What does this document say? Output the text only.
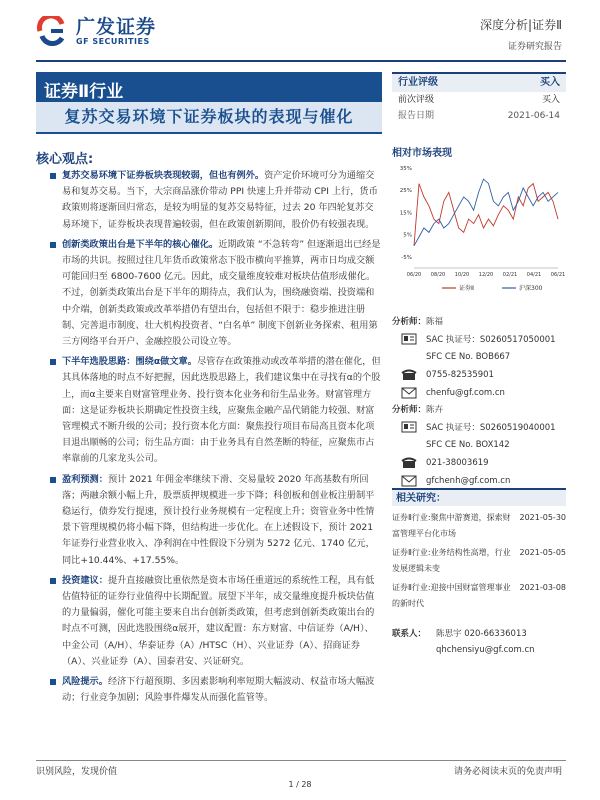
广发证券
GF SECURITIES
深度分析|证券Ⅱ
证券研究报告
证券Ⅱ行业
复苏交易环境下证券板块的表现与催化
行业评级	买入
前次评级	买入
报告日期	2021-06-14
核心观点:
复苏交易环境下证券板块表现较弱，但也有例外。资产定价环境可分为通缩交易和复苏交易。当下，大宗商品涨价带动 PPI 快速上升并带动 CPI 上行，货币政策则将逐渐回归常态，是较为明显的复苏交易特征，过去 20 年四轮复苏交易环境下，证券板块表现普遍较弱，但在政策创新期间，股价仍有较强表现。
创新类政策出台是下半年的核心催化。近期政策 “不急转弯” 但逐渐退出已经是市场的共识。按照过往几年货币政策常态下股市横向平推算，两市日均成交额可能回归至 6800-7600 亿元。因此，成交量维度较难对板块估值形成催化。不过，创新类政策出台是下半年的期待点，我们认为，围绕融资端、投资端和中介端，创新类政策或改革举措仍有望出台，包括但不限于：稳步推进注册制、完善退市制度、壮大机构投资者、“白名单” 制度下创新业务探索、租用第三方网络平台开户、金融控股公司设立等。
下半年选股思路：围绕α做文章。尽管存在政策推动或改革举措的潜在催化，但其具体落地的时点不好把握，因此选股思路上，我们建议集中在寻找有α的个股上，而α主要来自财富管理业务、投行资本化业务和衍生品业务。财富管理方面：这是证券板块长期确定性投资主线，应聚焦金融产品代销能力较强、财富管理模式不断升级的公司；投行资本化方面：聚焦投行项目布局高且资本化项目退出顺畅的公司；衍生品方面：由于业务具有自然垄断的特征，应聚焦市占率靠前的几家龙头公司。
盈利预测：预计 2021 年佣金率继续下滑、交易量较 2020 年高基数有所回落；两融余额小幅上升，股票质押规模进一步下降；科创板和创业板注册制平稳运行，债券发行提速，预计投行业务规模有一定程度上升；资管业务中性情景下管理规模仍将小幅下降，但结构进一步优化。在上述假设下，预计 2021 年证券行业营业收入、净利润在中性假设下分别为 5272 亿元、1740 亿元，同比+10.44%、+17.55%。
投资建议：提升直接融资比重依然是资本市场任重道远的系统性工程，具有低估值特征的证券行业值得中长期配置。展望下半年，成交量维度提升板块估值的力量偏弱，催化可能主要来自出台创新类政策，但考虑到创新类政策出台的时点不可测，因此选股围绕α展开，建议配置：东方财富、中信证券（A/H）、中金公司（A/H）、华泰证券（A）/HTSC（H）、兴业证券（A）、招商证券（A）、兴业证券（A）、国泰君安、兴证研究。
风险提示。经济下行超预期、多因素影响利率短期大幅波动、权益市场大幅波动；行业竞争加剧；风险事件爆发从而强化监管等。
相对市场表现
35%
25%
15%
5%
-5%
06/20 08/20 10/20 12/20 02/21 04/21 06/21
证券Ⅱ	沪深300
分析师： 陈福
SAC 执证号：S0260517050001
SFC CE No. BOB667
0755-82535901
chenfu@gf.com.cn
分析师： 陈卉
SAC 执证号：S0260519040001
SFC CE No. BOX142
021-38003619
gfchenh@gf.com.cn
相关研究：
证券Ⅱ行业:聚焦中游赛道，探索财富管理平台化市场
2021-05-30
证券Ⅱ行业:业务结构性高增，行业发展逻辑未变
2021-05-05
证券Ⅱ行业:迎接中国财富管理事业的新时代
2021-03-08
联系人：	陈思宇 020-66336013
qhchensiyu@gf.com.cn
识别风险，发现价值	请务必阅读末页的免责声明
1 / 28
